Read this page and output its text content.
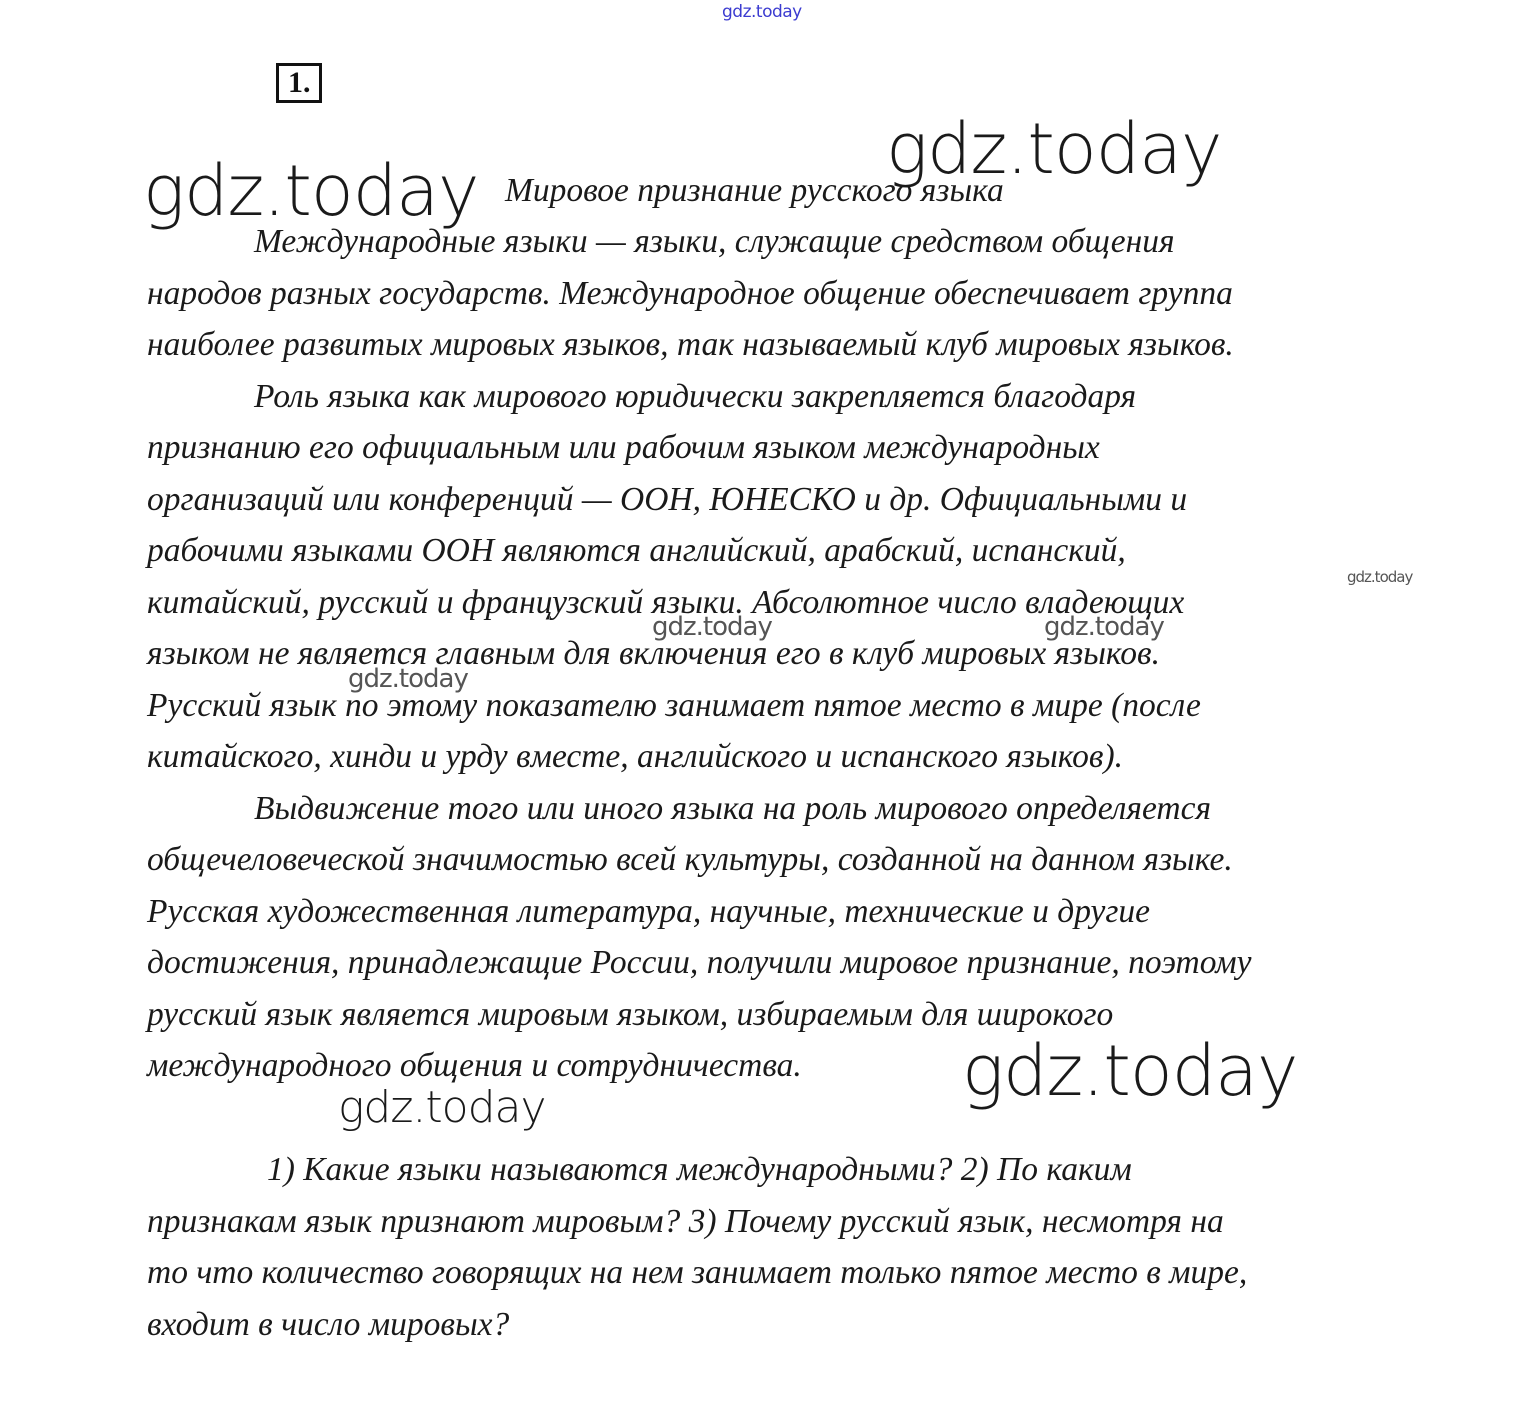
gdz.today
1.
Мировое признание русского языка
Международные языки — языки, служащие средством общения
народов разных государств. Международное общение обеспечивает группа
наиболее развитых мировых языков, так называемый клуб мировых языков.
Роль языка как мирового юридически закрепляется благодаря
признанию его официальным или рабочим языком международных
организаций или конференций — ООН, ЮНЕСКО и др. Официальными и
рабочими языками ООН являются английский, арабский, испанский,
китайский, русский и французский языки. Абсолютное число владеющих
языком не является главным для включения его в клуб мировых языков.
Русский язык по этому показателю занимает пятое место в мире (после
китайского, хинди и урду вместе, английского и испанского языков).
Выдвижение того или иного языка на роль мирового определяется
общечеловеческой значимостью всей культуры, созданной на данном языке.
Русская художественная литература, научные, технические и другие
достижения, принадлежащие России, получили мировое признание, поэтому
русский язык является мировым языком, избираемым для широкого
международного общения и сотрудничества.
1) Какие языки называются международными? 2) По каким
признакам язык признают мировым? 3) Почему русский язык, несмотря на
то что количество говорящих на нем занимает только пятое место в мире,
входит в число мировых?
gdz.today
gdz.today
gdz.today
gdz.today
gdz.today	gdz.today
gdz.today
gdz.today
